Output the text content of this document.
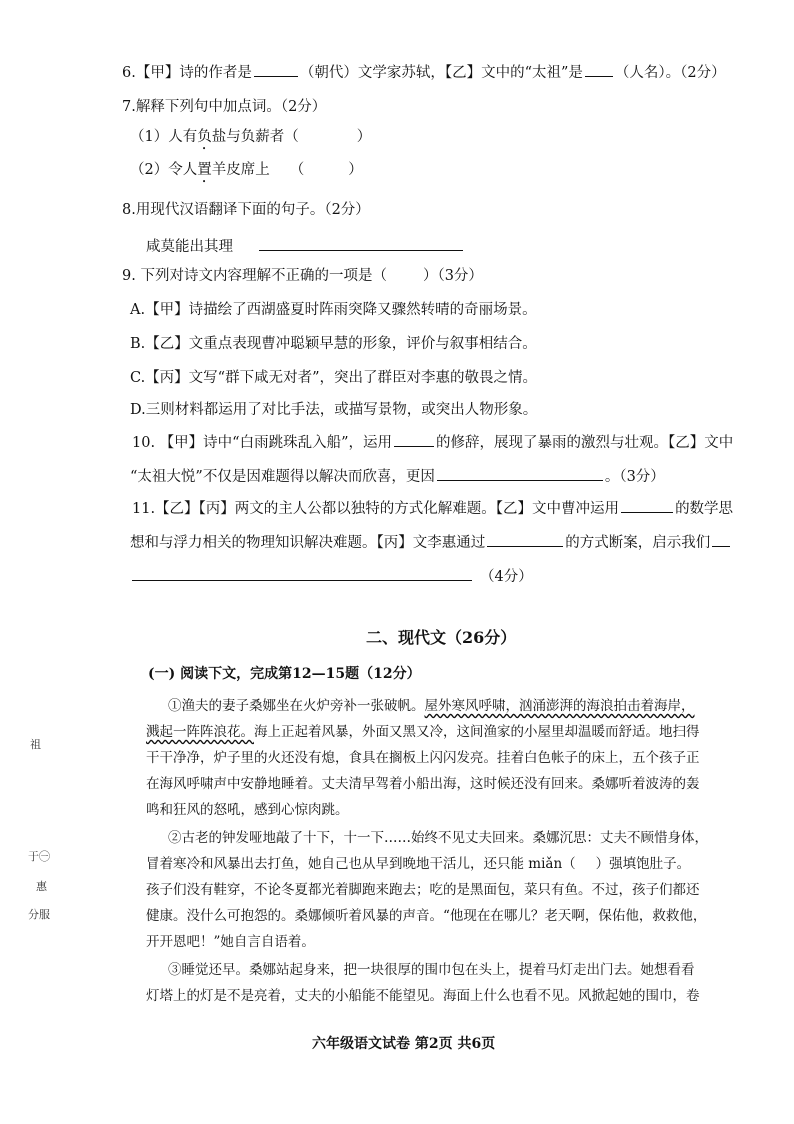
6.【甲】诗的作者是	（朝代）文学家苏轼，【乙】文中的“太祖”是 （人名）。（2分）
7.解释下列句中加点词。（2分）
（1）人有负盐与负薪者（	）
（2）令人置羊皮席上 （	）
8.用现代汉语翻译下面的句子。（2分）
咸莫能出其理
9. 下列对诗文内容理解不正确的一项是（ ）（3分）
A.【甲】诗描绘了西湖盛夏时阵雨突降又骤然转晴的奇丽场景。
B.【乙】文重点表现曹冲聪颖早慧的形象，评价与叙事相结合。
C.【丙】文写“群下咸无对者”，突出了群臣对李惠的敬畏之情。
D.三则材料都运用了对比手法，或描写景物，或突出人物形象。
10. 【甲】诗中“白雨跳珠乱入船”，运用	的修辞，展现了暴雨的激烈与壮观。【乙】文中
“太祖大悦”不仅是因难题得以解决而欣喜，更因	。（3分）
11.【乙】【丙】两文的主人公都以独特的方式化解难题。【乙】文中曹冲运用	的数学思
想和与浮力相关的物理知识解决难题。【丙】文李惠通过	的方式断案，启示我们
（4分）
二、现代文（26分）
(一) 阅读下文，完成第12—15题（12分）
①渔夫的妻子桑娜坐在火炉旁补一张破帆。屋外寒风呼啸，汹涌澎湃的海浪拍击着海岸，
溅起一阵阵浪花。海上正起着风暴，外面又黑又冷，这间渔家的小屋里却温暖而舒适。地扫得
干干净净，炉子里的火还没有熄，食具在搁板上闪闪发亮。挂着白色帐子的床上，五个孩子正
在海风呼啸声中安静地睡着。丈夫清早驾着小船出海，这时候还没有回来。桑娜听着波涛的轰
鸣和狂风的怒吼，感到心惊肉跳。
②古老的钟发哑地敲了十下，十一下……始终不见丈夫回来。桑娜沉思：丈夫不顾惜身体，
冒着寒冷和风暴出去打鱼，她自己也从早到晚地干活儿，还只能 miǎn（ ）强填饱肚子。
孩子们没有鞋穿，不论冬夏都光着脚跑来跑去；吃的是黑面包，菜只有鱼。不过，孩子们都还
健康。没什么可抱怨的。桑娜倾听着风暴的声音。“他现在在哪儿？老天啊，保佑他，救救他，
开开恩吧！”她自言自语着。
③睡觉还早。桑娜站起身来，把一块很厚的围巾包在头上，提着马灯走出门去。她想看看
灯塔上的灯是不是亮着，丈夫的小船能不能望见。海面上什么也看不见。风掀起她的围巾，卷
祖
于㊀
惠
分服
六年级语文试卷 第2页 共6页
